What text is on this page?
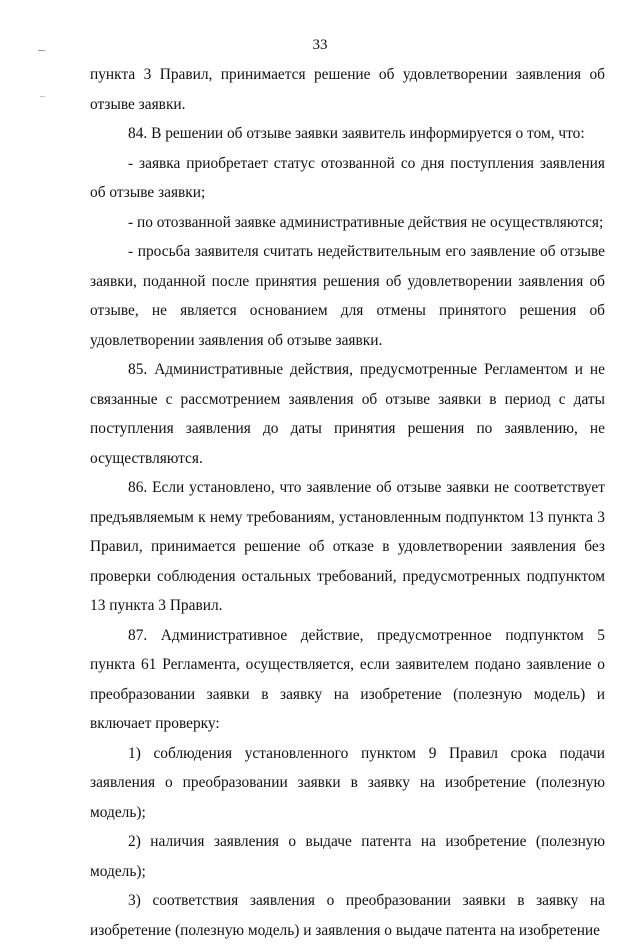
33

пункта 3 Правил, принимается решение об удовлетворении заявления об отзыве заявки.

84. В решении об отзыве заявки заявитель информируется о том, что:

- заявка приобретает статус отозванной со дня поступления заявления об отзыве заявки;

- по отозванной заявке административные действия не осуществляются;

- просьба заявителя считать недействительным его заявление об отзыве заявки, поданной после принятия решения об удовлетворении заявления об отзыве, не является основанием для отмены принятого решения об удовлетворении заявления об отзыве заявки.

85. Административные действия, предусмотренные Регламентом и не связанные с рассмотрением заявления об отзыве заявки в период с даты поступления заявления до даты принятия решения по заявлению, не осуществляются.

86. Если установлено, что заявление об отзыве заявки не соответствует предъявляемым к нему требованиям, установленным подпунктом 13 пункта 3 Правил, принимается решение об отказе в удовлетворении заявления без проверки соблюдения остальных требований, предусмотренных подпунктом 13 пункта 3 Правил.

87. Административное действие, предусмотренное подпунктом 5 пункта 61 Регламента, осуществляется, если заявителем подано заявление о преобразовании заявки в заявку на изобретение (полезную модель) и включает проверку:

1) соблюдения установленного пунктом 9 Правил срока подачи заявления о преобразовании заявки в заявку на изобретение (полезную модель);

2) наличия заявления о выдаче патента на изобретение (полезную модель);

3) соответствия заявления о преобразовании заявки в заявку на изобретение (полезную модель) и заявления о выдаче патента на изобретение
